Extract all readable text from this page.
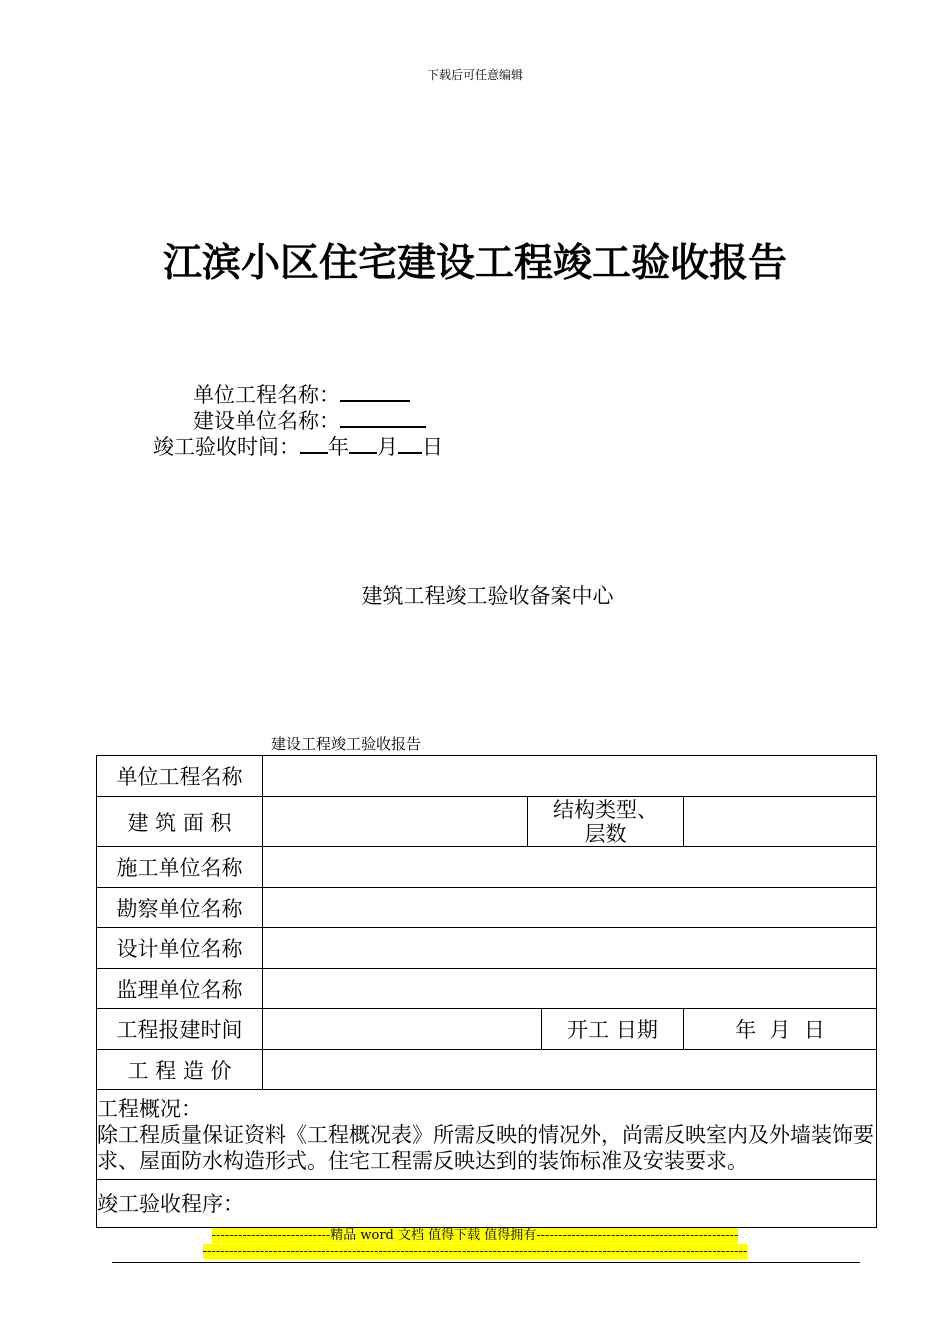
下载后可任意编辑
江滨小区住宅建设工程竣工验收报告
单位工程名称：
建设单位名称：
竣工验收时间： 年 月 日
建筑工程竣工验收备案中心
建设工程竣工验收报告
单位工程名称				
建 筑 面 积		结构类型、层数		
施工单位名称				
勘察单位名称				
设计单位名称				
监理单位名称				
工程报建时间			开工 日期	年  月  日
工 程 造 价				

工程概况：
除工程质量保证资料《工程概况表》所需反映的情况外，尚需反映室内及外墙装饰要求、屋面防水构造形式。住宅工程需反映达到的装饰标准及安装要求。				

竣工验收程序：				
---------------------------精品 word 文档 值得下载 值得拥有----------------------------------------------
----------------------------------------------------------------------------------------------------------------------------
